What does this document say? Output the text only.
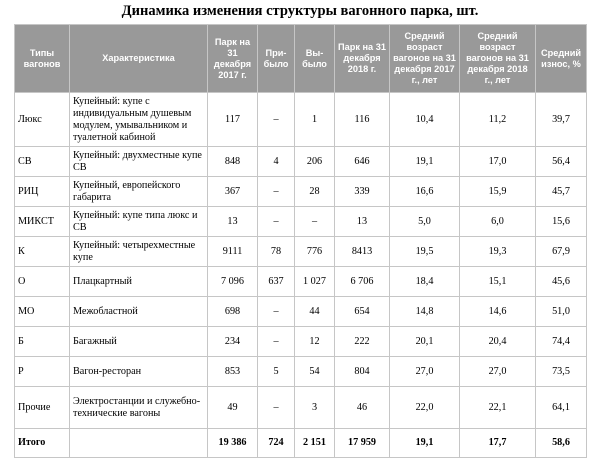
Динамика изменения структуры вагонного парка, шт.
Типы вагонов	Характеристика	Парк на 31 декабря 2017 г.	При-было	Вы-было	Парк на 31 декабря 2018 г.	Средний возраст вагонов на 31 декабря 2017 г., лет	Средний возраст вагонов на 31 декабря 2018 г., лет	Средний износ, %
Люкс	Купейный: купе с индивидуальным душевым модулем, умывальником и туалетной кабиной	117	–	1	116	10,4	11,2	39,7
СВ	Купейный: двухместные купе СВ	848	4	206	646	19,1	17,0	56,4
РИЦ	Купейный, европейского габарита	367	–	28	339	16,6	15,9	45,7
МИКСТ	Купейный: купе типа люкс и СВ	13	–	–	13	5,0	6,0	15,6
К	Купейный: четырехместные купе	9111	78	776	8413	19,5	19,3	67,9
О	Плацкартный	7 096	637	1 027	6 706	18,4	15,1	45,6
МО	Межобластной	698	–	44	654	14,8	14,6	51,0
Б	Багажный	234	–	12	222	20,1	20,4	74,4
Р	Вагон-ресторан	853	5	54	804	27,0	27,0	73,5
Прочие	Электростанции и служебно-технические вагоны	49	–	3	46	22,0	22,1	64,1
Итого		19 386	724	2 151	17 959	19,1	17,7	58,6
